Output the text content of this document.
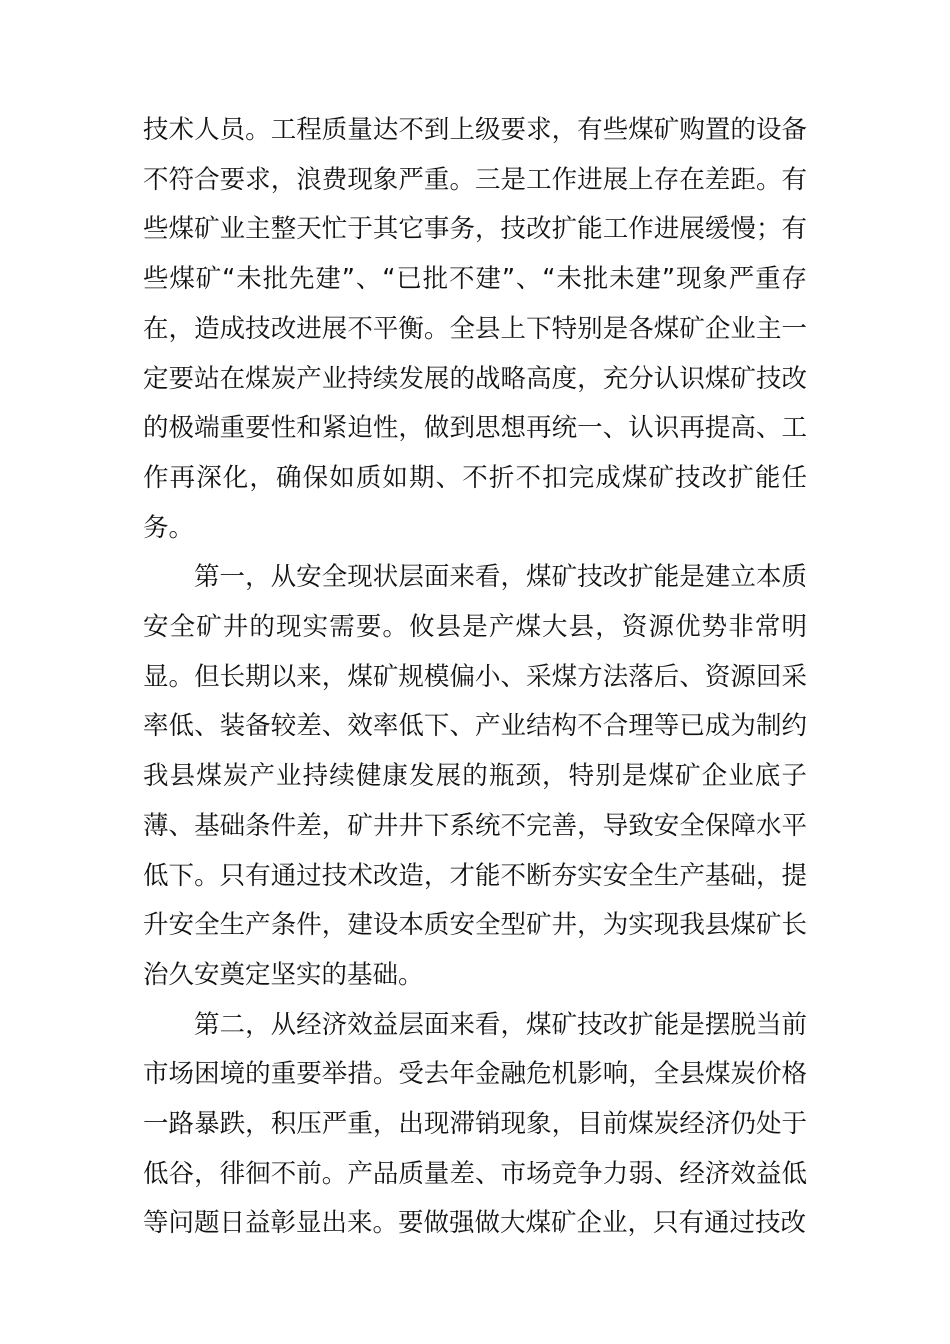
技术人员。工程质量达不到上级要求，有些煤矿购置的设备不符合要求，浪费现象严重。三是工作进展上存在差距。有些煤矿业主整天忙于其它事务，技改扩能工作进展缓慢；有些煤矿“未批先建”、“已批不建”、“未批未建”现象严重存在，造成技改进展不平衡。全县上下特别是各煤矿企业主一定要站在煤炭产业持续发展的战略高度，充分认识煤矿技改的极端重要性和紧迫性，做到思想再统一、认识再提高、工作再深化，确保如质如期、不折不扣完成煤矿技改扩能任务。

第一，从安全现状层面来看，煤矿技改扩能是建立本质安全矿井的现实需要。攸县是产煤大县，资源优势非常明显。但长期以来，煤矿规模偏小、采煤方法落后、资源回采率低、装备较差、效率低下、产业结构不合理等已成为制约我县煤炭产业持续健康发展的瓶颈，特别是煤矿企业底子薄、基础条件差，矿井井下系统不完善，导致安全保障水平低下。只有通过技术改造，才能不断夯实安全生产基础，提升安全生产条件，建设本质安全型矿井，为实现我县煤矿长治久安奠定坚实的基础。

第二，从经济效益层面来看，煤矿技改扩能是摆脱当前市场困境的重要举措。受去年金融危机影响，全县煤炭价格一路暴跌，积压严重，出现滞销现象，目前煤炭经济仍处于低谷，徘徊不前。产品质量差、市场竞争力弱、经济效益低等问题日益彰显出来。要做强做大煤矿企业，只有通过技改
